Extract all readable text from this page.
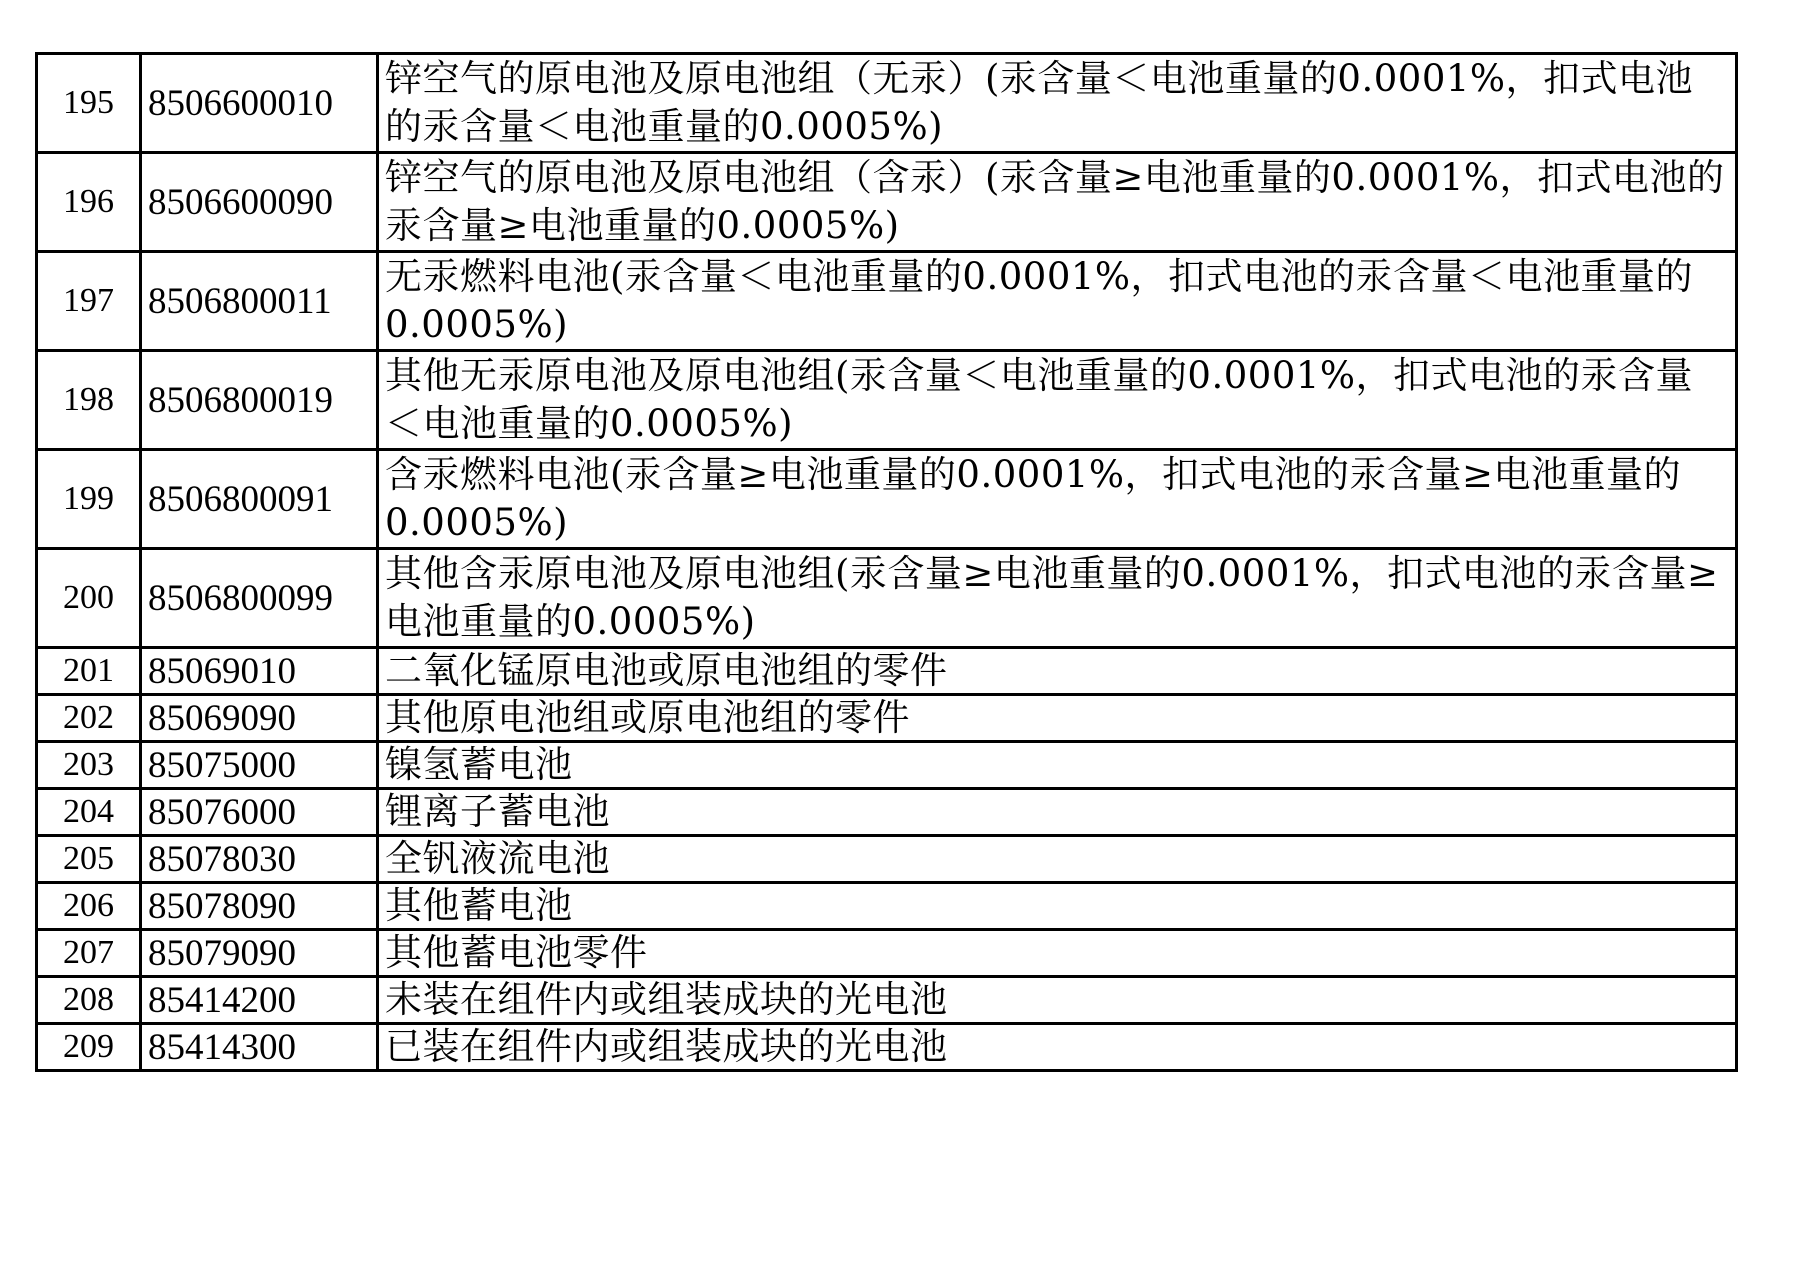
195	8506600010	锌空气的原电池及原电池组（无汞）(汞含量＜电池重量的0.0001%，扣式电池的汞含量＜电池重量的0.0005%)
196	8506600090	锌空气的原电池及原电池组（含汞）(汞含量≥电池重量的0.0001%，扣式电池的汞含量≥电池重量的0.0005%)
197	8506800011	无汞燃料电池(汞含量＜电池重量的0.0001%，扣式电池的汞含量＜电池重量的0.0005%)
198	8506800019	其他无汞原电池及原电池组(汞含量＜电池重量的0.0001%，扣式电池的汞含量＜电池重量的0.0005%)
199	8506800091	含汞燃料电池(汞含量≥电池重量的0.0001%，扣式电池的汞含量≥电池重量的0.0005%)
200	8506800099	其他含汞原电池及原电池组(汞含量≥电池重量的0.0001%，扣式电池的汞含量≥电池重量的0.0005%)
201	85069010	二氧化锰原电池或原电池组的零件
202	85069090	其他原电池组或原电池组的零件
203	85075000	镍氢蓄电池
204	85076000	锂离子蓄电池
205	85078030	全钒液流电池
206	85078090	其他蓄电池
207	85079090	其他蓄电池零件
208	85414200	未装在组件内或组装成块的光电池
209	85414300	已装在组件内或组装成块的光电池
